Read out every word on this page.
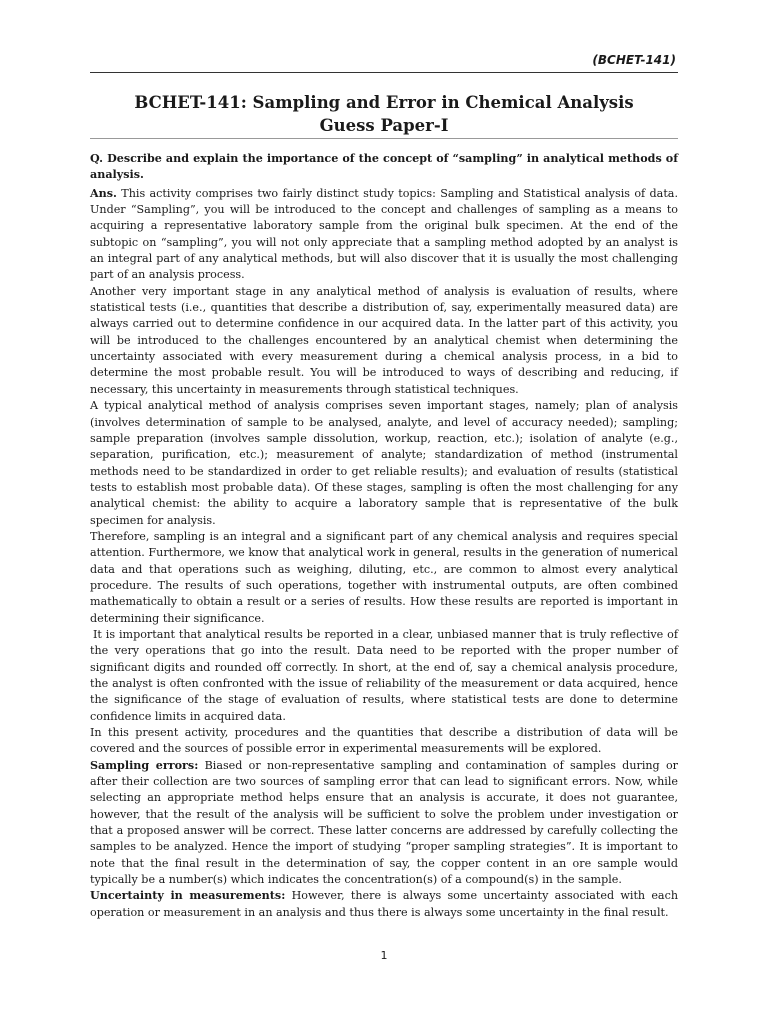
(BCHET-141)
BCHET-141: Sampling and Error in Chemical Analysis
Guess Paper-I

Q. Describe and explain the importance of the concept of “sampling” in analytical methods of analysis.

Ans. This activity comprises two fairly distinct study topics: Sampling and Statistical analysis of data. Under “Sampling”, you will be introduced to the concept and challenges of sampling as a means to acquiring a representative laboratory sample from the original bulk specimen. At the end of the subtopic on “sampling”, you will not only appreciate that a sampling method adopted by an analyst is an integral part of any analytical methods, but will also discover that it is usually the most challenging part of an analysis process.

Another very important stage in any analytical method of analysis is evaluation of results, where statistical tests (i.e., quantities that describe a distribution of, say, experimentally measured data) are always carried out to determine confidence in our acquired data. In the latter part of this activity, you will be introduced to the challenges encountered by an analytical chemist when determining the uncertainty associated with every measurement during a chemical analysis process, in a bid to determine the most probable result. You will be introduced to ways of describing and reducing, if necessary, this uncertainty in measurements through statistical techniques.

A typical analytical method of analysis comprises seven important stages, namely; plan of analysis (involves determination of sample to be analysed, analyte, and level of accuracy needed); sampling; sample preparation (involves sample dissolution, workup, reaction, etc.); isolation of analyte (e.g., separation, purification, etc.); measurement of analyte; standardization of method (instrumental methods need to be standardized in order to get reliable results); and evaluation of results (statistical tests to establish most probable data). Of these stages, sampling is often the most challenging for any analytical chemist: the ability to acquire a laboratory sample that is representative of the bulk specimen for analysis.

Therefore, sampling is an integral and a significant part of any chemical analysis and requires special attention. Furthermore, we know that analytical work in general, results in the generation of numerical data and that operations such as weighing, diluting, etc., are common to almost every analytical procedure. The results of such operations, together with instrumental outputs, are often combined mathematically to obtain a result or a series of results. How these results are reported is important in determining their significance.

It is important that analytical results be reported in a clear, unbiased manner that is truly reflective of the very operations that go into the result. Data need to be reported with the proper number of significant digits and rounded off correctly. In short, at the end of, say a chemical analysis procedure, the analyst is often confronted with the issue of reliability of the measurement or data acquired, hence the significance of the stage of evaluation of results, where statistical tests are done to determine confidence limits in acquired data.

In this present activity, procedures and the quantities that describe a distribution of data will be covered and the sources of possible error in experimental measurements will be explored.

Sampling errors: Biased or non-representative sampling and contamination of samples during or after their collection are two sources of sampling error that can lead to significant errors. Now, while selecting an appropriate method helps ensure that an analysis is accurate, it does not guarantee, however, that the result of the analysis will be sufficient to solve the problem under investigation or that a proposed answer will be correct. These latter concerns are addressed by carefully collecting the samples to be analyzed. Hence the import of studying “proper sampling strategies”. It is important to note that the final result in the determination of say, the copper content in an ore sample would typically be a number(s) which indicates the concentration(s) of a compound(s) in the sample.

Uncertainty in measurements: However, there is always some uncertainty associated with each operation or measurement in an analysis and thus there is always some uncertainty in the final result.

1
